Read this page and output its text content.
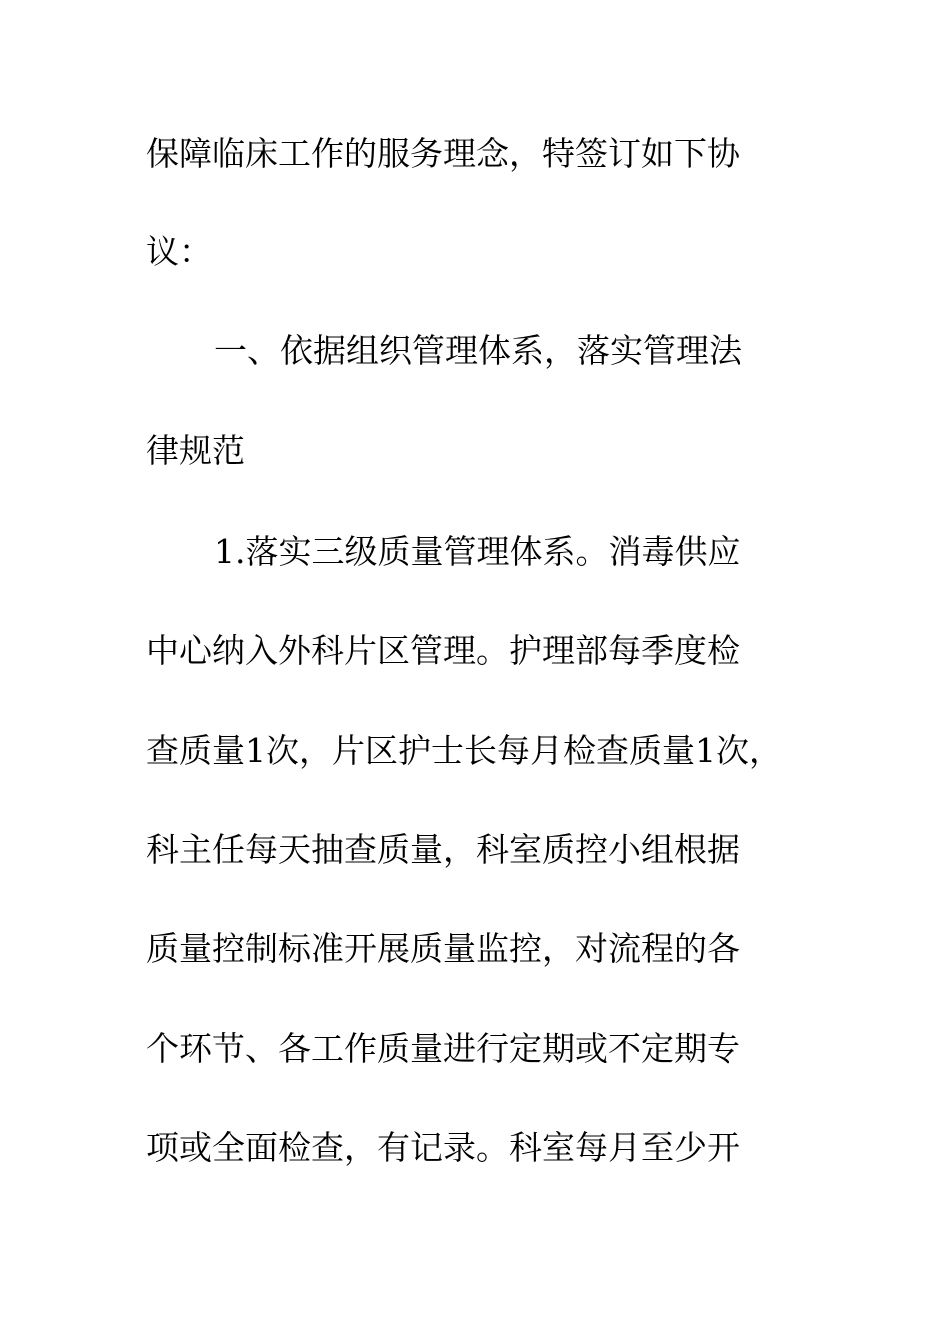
保障临床工作的服务理念，特签订如下协

议：

一、依据组织管理体系，落实管理法

律规范

1.落实三级质量管理体系。消毒供应

中心纳入外科片区管理。护理部每季度检

查质量1次，片区护士长每月检查质量1次，

科主任每天抽查质量，科室质控小组根据

质量控制标准开展质量监控，对流程的各

个环节、各工作质量进行定期或不定期专

项或全面检查，有记录。科室每月至少开
